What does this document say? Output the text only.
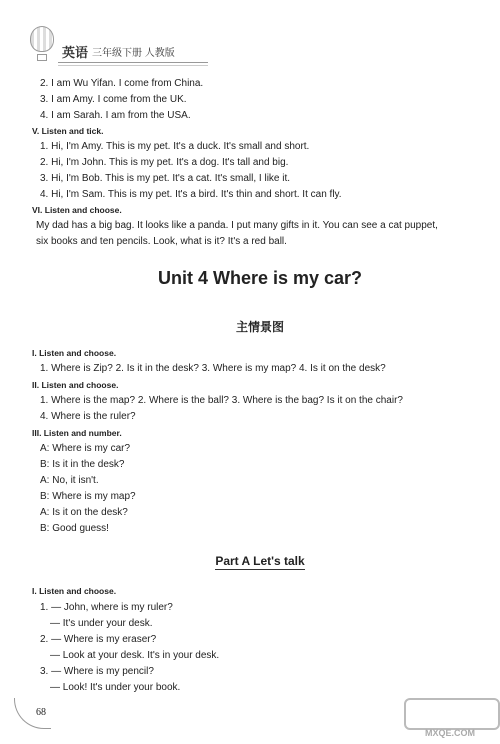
英语 三年级下册 人教版
2. I am Wu Yifan. I come from China.
3. I am Amy. I come from the UK.
4. I am Sarah. I am from the USA.
V. Listen and tick.
1. Hi, I'm Amy. This is my pet. It's a duck. It's small and short.
2. Hi, I'm John. This is my pet. It's a dog. It's tall and big.
3. Hi, I'm Bob. This is my pet. It's a cat. It's small, I like it.
4. Hi, I'm Sam. This is my pet. It's a bird. It's thin and short. It can fly.
VI. Listen and choose.
My dad has a big bag. It looks like a panda. I put many gifts in it. You can see a cat puppet,
six books and ten pencils. Look, what is it? It's a red ball.
Unit 4 Where is my car?
主情景图
I. Listen and choose.
1. Where is Zip? 2. Is it in the desk? 3. Where is my map? 4. Is it on the desk?
II. Listen and choose.
1. Where is the map? 2. Where is the ball? 3. Where is the bag? Is it on the chair?
4. Where is the ruler?
III. Listen and number.
A: Where is my car?
B: Is it in the desk?
A: No, it isn't.
B: Where is my map?
A: Is it on the desk?
B: Good guess!
Part A Let's talk
I. Listen and choose.
1. — John, where is my ruler?
— It's under your desk.
2. — Where is my eraser?
— Look at your desk. It's in your desk.
3. — Where is my pencil?
— Look! It's under your book.
68
MXQE.COM
